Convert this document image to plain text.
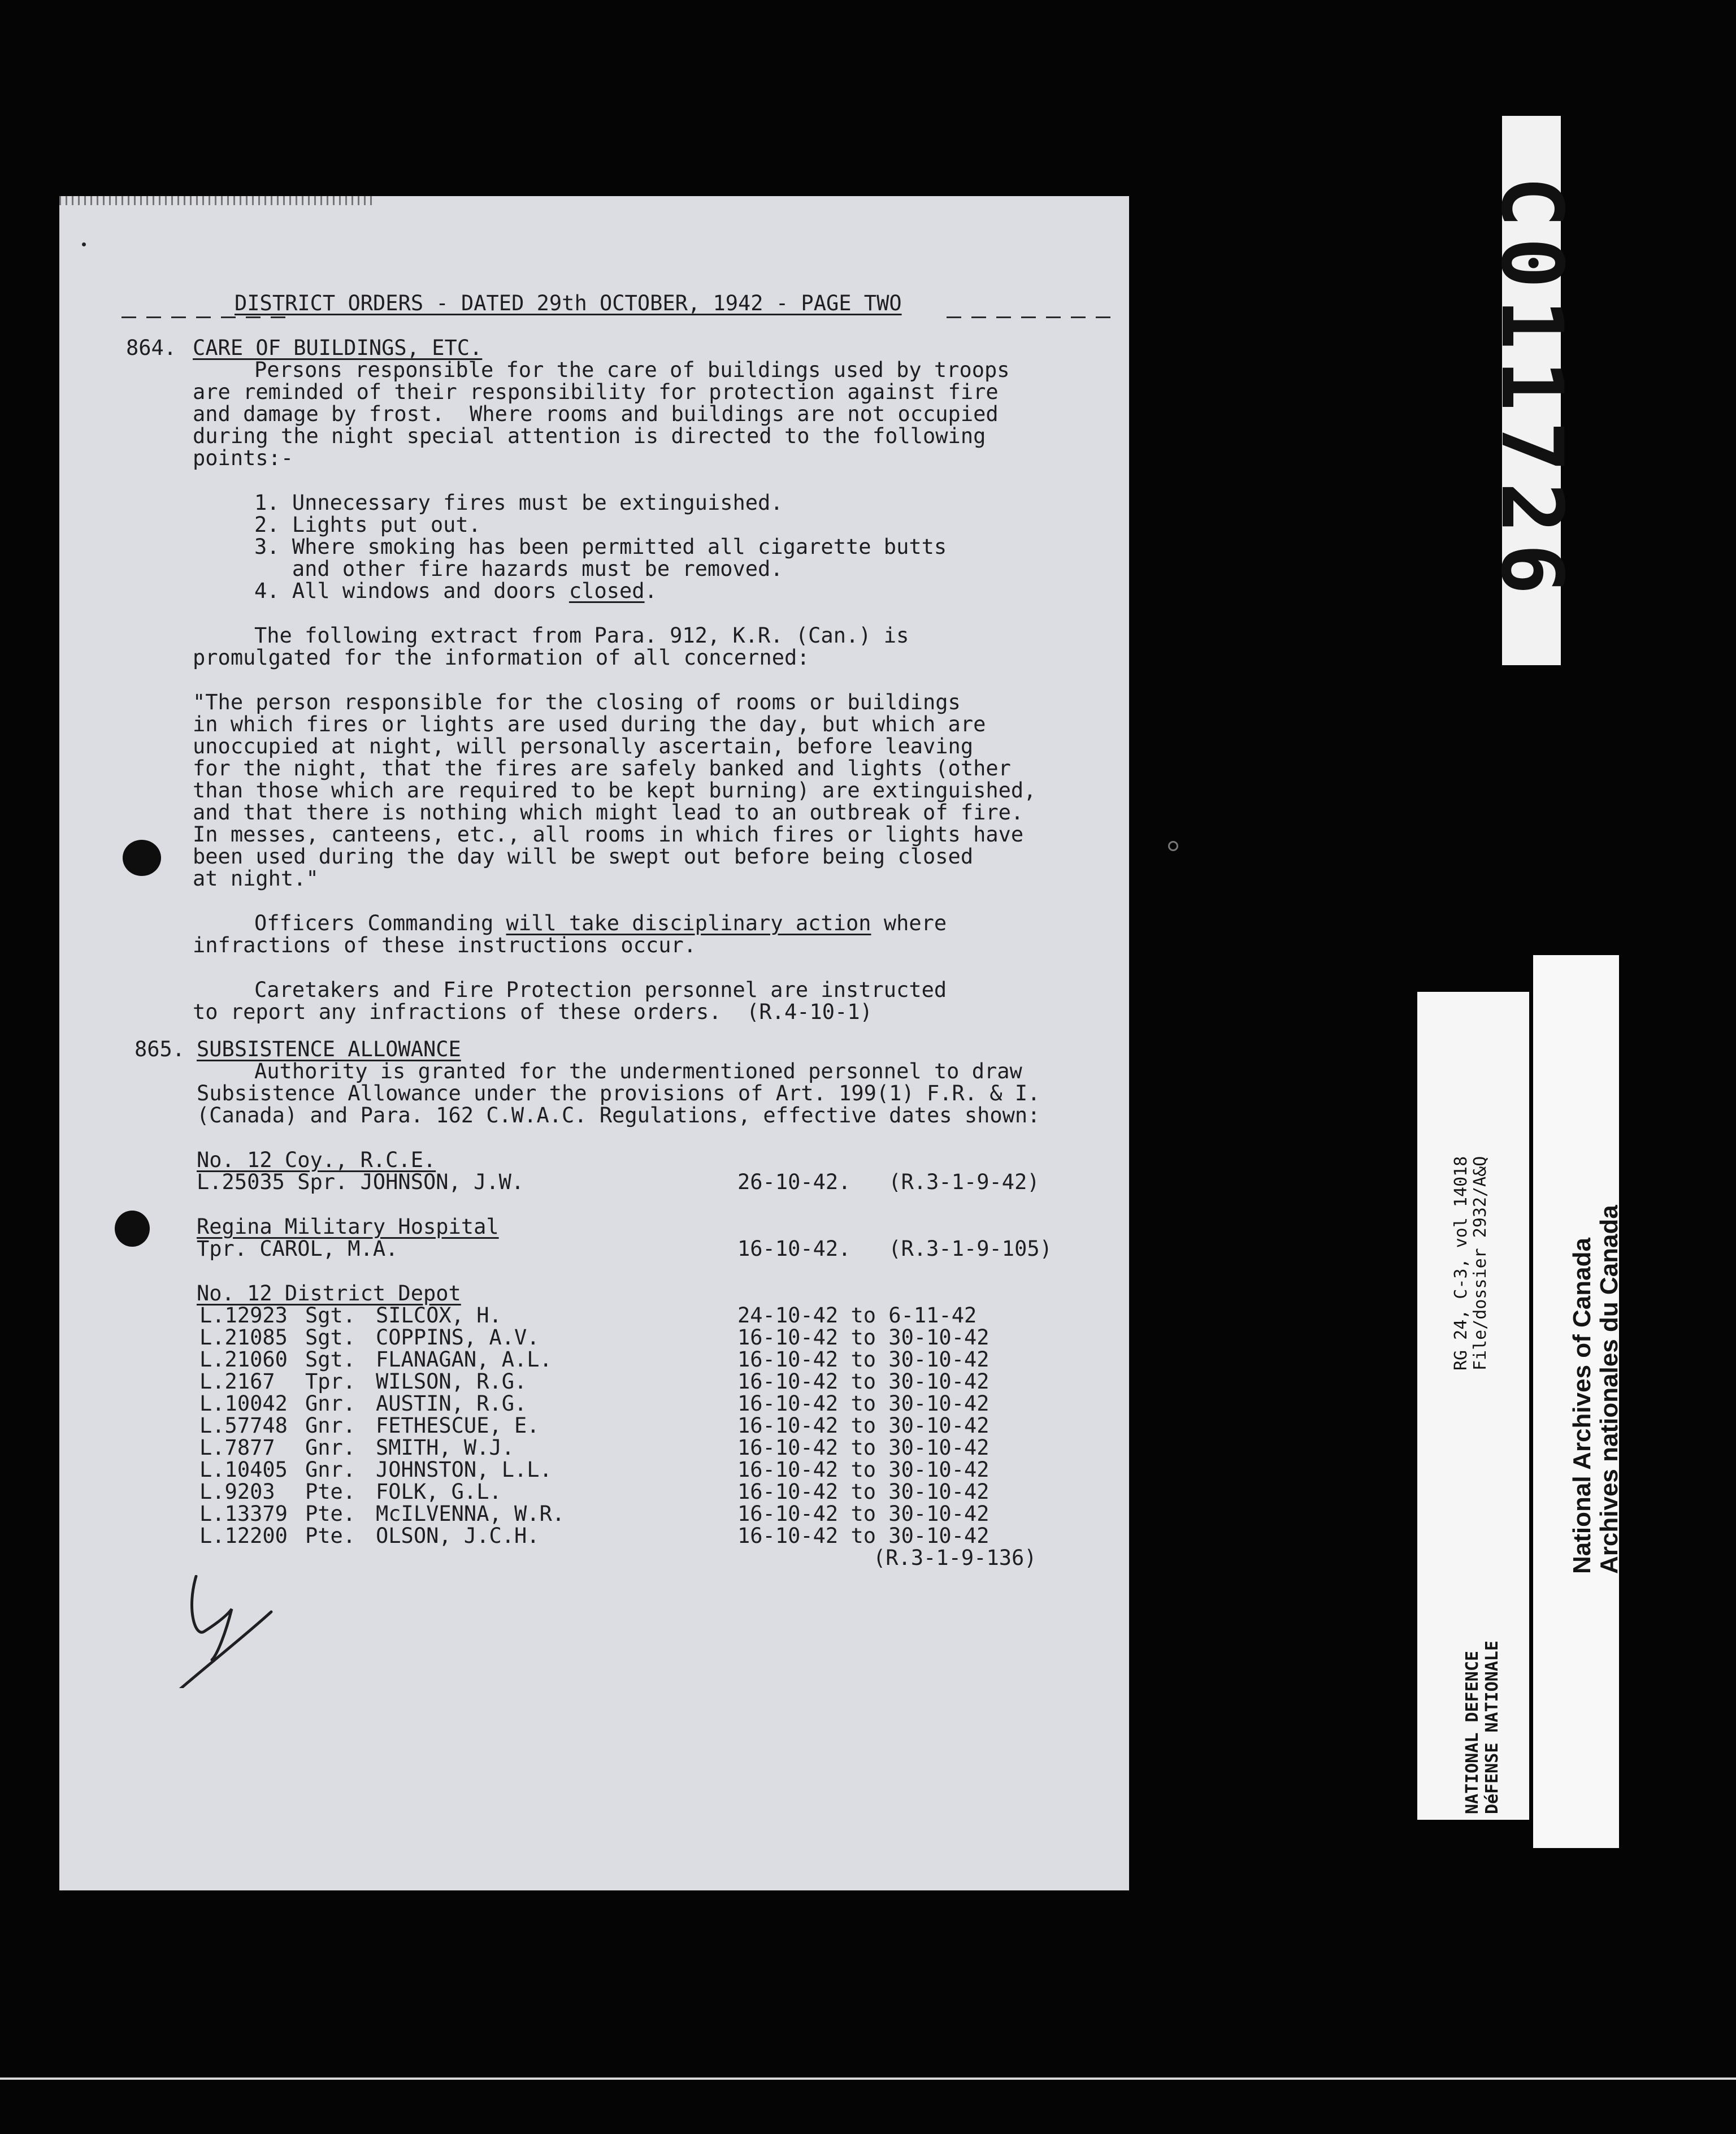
DISTRICT ORDERS - DATED 29th OCTOBER, 1942 - PAGE TWO
864. CARE OF BUILDINGS, ETC.
Persons responsible for the care of buildings used by troops
are reminded of their responsibility for protection against fire
and damage by frost.  Where rooms and buildings are not occupied
during the night special attention is directed to the following
points:-
1. Unnecessary fires must be extinguished.
2. Lights put out.
3. Where smoking has been permitted all cigarette butts
and other fire hazards must be removed.
4. All windows and doors closed.
The following extract from Para. 912, K.R. (Can.) is
promulgated for the information of all concerned:
"The person responsible for the closing of rooms or buildings
in which fires or lights are used during the day, but which are
unoccupied at night, will personally ascertain, before leaving
for the night, that the fires are safely banked and lights (other
than those which are required to be kept burning) are extinguished,
and that there is nothing which might lead to an outbreak of fire.
In messes, canteens, etc., all rooms in which fires or lights have
been used during the day will be swept out before being closed
at night."
Officers Commanding will take disciplinary action where
infractions of these instructions occur.
Caretakers and Fire Protection personnel are instructed
to report any infractions of these orders.  (R.4-10-1)
865. SUBSISTENCE ALLOWANCE
Authority is granted for the undermentioned personnel to draw
Subsistence Allowance under the provisions of Art. 199(1) F.R. & I.
(Canada) and Para. 162 C.W.A.C. Regulations, effective dates shown:
No. 12 Coy., R.C.E.
L.25035 Spr. JOHNSON, J.W.	26-10-42.   (R.3-1-9-42)
Regina Military Hospital
Tpr. CAROL, M.A.	16-10-42.   (R.3-1-9-105)
No. 12 District Depot
L.12923 Sgt. SILCOX, H.	24-10-42 to 6-11-42
L.21085 Sgt. COPPINS, A.V.	16-10-42 to 30-10-42
L.21060 Sgt. FLANAGAN, A.L.	16-10-42 to 30-10-42
L.2167 Tpr. WILSON, R.G.	16-10-42 to 30-10-42
L.10042 Gnr. AUSTIN, R.G.	16-10-42 to 30-10-42
L.57748 Gnr. FETHESCUE, E.	16-10-42 to 30-10-42
L.7877 Gnr. SMITH, W.J.	16-10-42 to 30-10-42
L.10405 Gnr. JOHNSTON, L.L.	16-10-42 to 30-10-42
L.9203 Pte. FOLK, G.L.	16-10-42 to 30-10-42
L.13379 Pte. McILVENNA, W.R.	16-10-42 to 30-10-42
L.12200 Pte. OLSON, J.C.H.	16-10-42 to 30-10-42
(R.3-1-9-136)
C011726
RG 24, C-3, vol 14018 File/dossier 2932/A&Q
NATIONAL DEFENCE DéFENSE NATIONALE
National Archives of Canada Archives nationales du Canada
